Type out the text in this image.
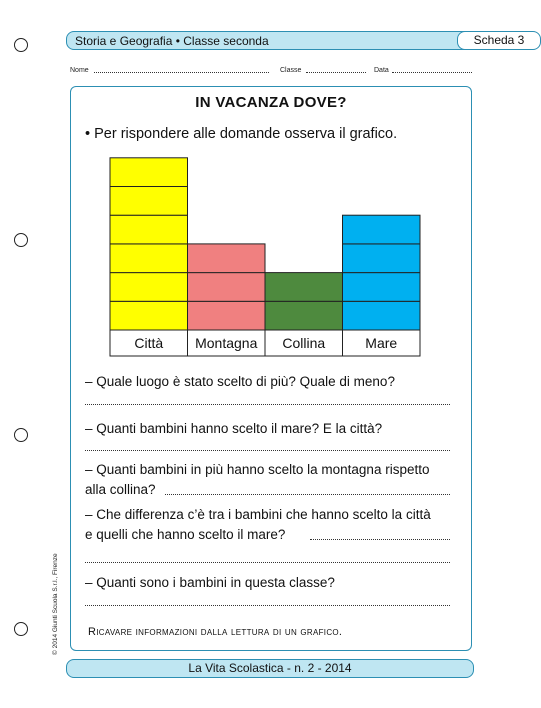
Storia e Geografia • Classe seconda	Scheda 3
Nome	Classe	Data
IN VACANZA DOVE?
• Per rispondere alle domande osserva il grafico.
Città Montagna Collina	Mare
– Quale luogo è stato scelto di più? Quale di meno?
– Quanti bambini hanno scelto il mare? E la città?
– Quanti bambini in più hanno scelto la montagna rispetto
alla collina?
– Che differenza c’è tra i bambini che hanno scelto la città
e quelli che hanno scelto il mare?
– Quanti sono i bambini in questa classe?
Ricavare informazioni dalla lettura di un grafico.
© 2014 Giunti Scuola S.r.l., Firenze
La Vita Scolastica - n. 2 - 2014
